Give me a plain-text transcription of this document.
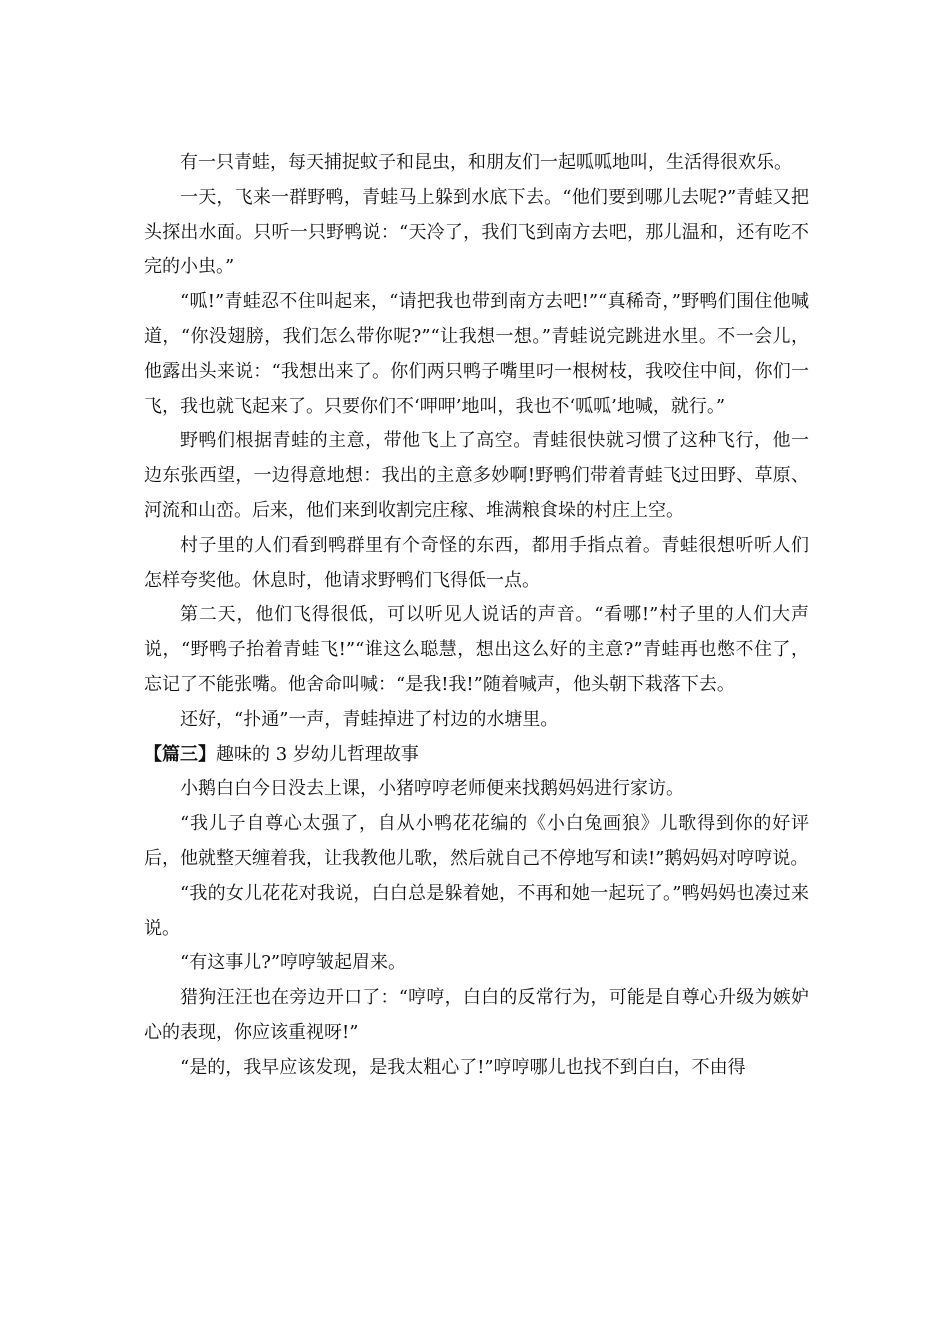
有一只青蛙，每天捕捉蚊子和昆虫，和朋友们一起呱呱地叫，生活得很欢乐。

一天，飞来一群野鸭，青蛙马上躲到水底下去。“他们要到哪儿去呢?”青蛙又把头探出水面。只听一只野鸭说：“天冷了，我们飞到南方去吧，那儿温和，还有吃不完的小虫。”

“呱!”青蛙忍不住叫起来，“请把我也带到南方去吧!”“真稀奇，”野鸭们围住他喊道，“你没翅膀，我们怎么带你呢?”“让我想一想。”青蛙说完跳进水里。不一会儿，他露出头来说：“我想出来了。你们两只鸭子嘴里叼一根树枝，我咬住中间，你们一飞，我也就飞起来了。只要你们不‘呷呷’地叫，我也不‘呱呱’地喊，就行。”

野鸭们根据青蛙的主意，带他飞上了高空。青蛙很快就习惯了这种飞行，他一边东张西望，一边得意地想：我出的主意多妙啊!野鸭们带着青蛙飞过田野、草原、河流和山峦。后来，他们来到收割完庄稼、堆满粮食垛的村庄上空。

村子里的人们看到鸭群里有个奇怪的东西，都用手指点着。青蛙很想听听人们怎样夸奖他。休息时，他请求野鸭们飞得低一点。

第二天，他们飞得很低，可以听见人说话的声音。“看哪!”村子里的人们大声说，“野鸭子抬着青蛙飞!”“谁这么聪慧，想出这么好的主意?”青蛙再也憋不住了，忘记了不能张嘴。他舍命叫喊：“是我!我!”随着喊声，他头朝下栽落下去。

还好，“扑通”一声，青蛙掉进了村边的水塘里。

【篇三】趣味的 3 岁幼儿哲理故事

小鹅白白今日没去上课，小猪哼哼老师便来找鹅妈妈进行家访。

“我儿子自尊心太强了，自从小鸭花花编的《小白兔画狼》儿歌得到你的好评后，他就整天缠着我，让我教他儿歌，然后就自己不停地写和读!”鹅妈妈对哼哼说。

“我的女儿花花对我说，白白总是躲着她，不再和她一起玩了。”鸭妈妈也凑过来说。

“有这事儿?”哼哼皱起眉来。

猎狗汪汪也在旁边开口了：“哼哼，白白的反常行为，可能是自尊心升级为嫉妒心的表现，你应该重视呀!”

“是的，我早应该发现，是我太粗心了!”哼哼哪儿也找不到白白，不由得
